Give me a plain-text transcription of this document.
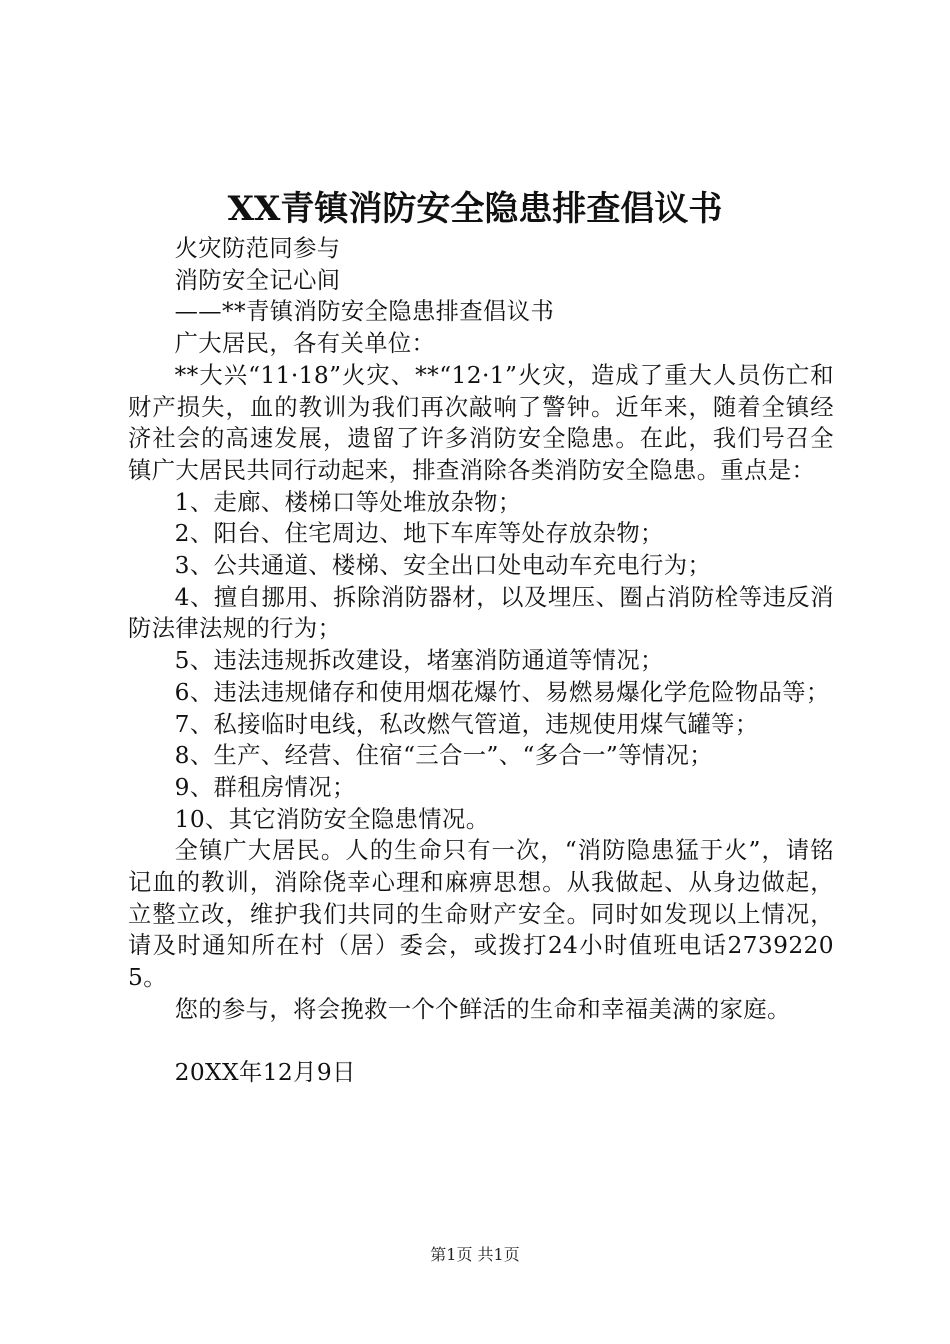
XX青镇消防安全隐患排查倡议书

火灾防范同参与

消防安全记心间

——**青镇消防安全隐患排查倡议书

广大居民，各有关单位：

**大兴“11·18”火灾、**“12·1”火灾，造成了重大人员伤亡和财产损失，血的教训为我们再次敲响了警钟。近年来，随着全镇经济社会的高速发展，遗留了许多消防安全隐患。在此，我们号召全镇广大居民共同行动起来，排查消除各类消防安全隐患。重点是：

1、走廊、楼梯口等处堆放杂物；

2、阳台、住宅周边、地下车库等处存放杂物；

3、公共通道、楼梯、安全出口处电动车充电行为；

4、擅自挪用、拆除消防器材，以及埋压、圈占消防栓等违反消防法律法规的行为；

5、违法违规拆改建设，堵塞消防通道等情况；

6、违法违规储存和使用烟花爆竹、易燃易爆化学危险物品等；

7、私接临时电线，私改燃气管道，违规使用煤气罐等；

8、生产、经营、住宿“三合一”、“多合一”等情况；

9、群租房情况；

10、其它消防安全隐患情况。

全镇广大居民。人的生命只有一次，“消防隐患猛于火”，请铭记血的教训，消除侥幸心理和麻痹思想。从我做起、从身边做起，立整立改，维护我们共同的生命财产安全。同时如发现以上情况，请及时通知所在村（居）委会，或拨打24小时值班电话27392205。

您的参与，将会挽救一个个鲜活的生命和幸福美满的家庭。

20XX年12月9日

第1页 共1页
